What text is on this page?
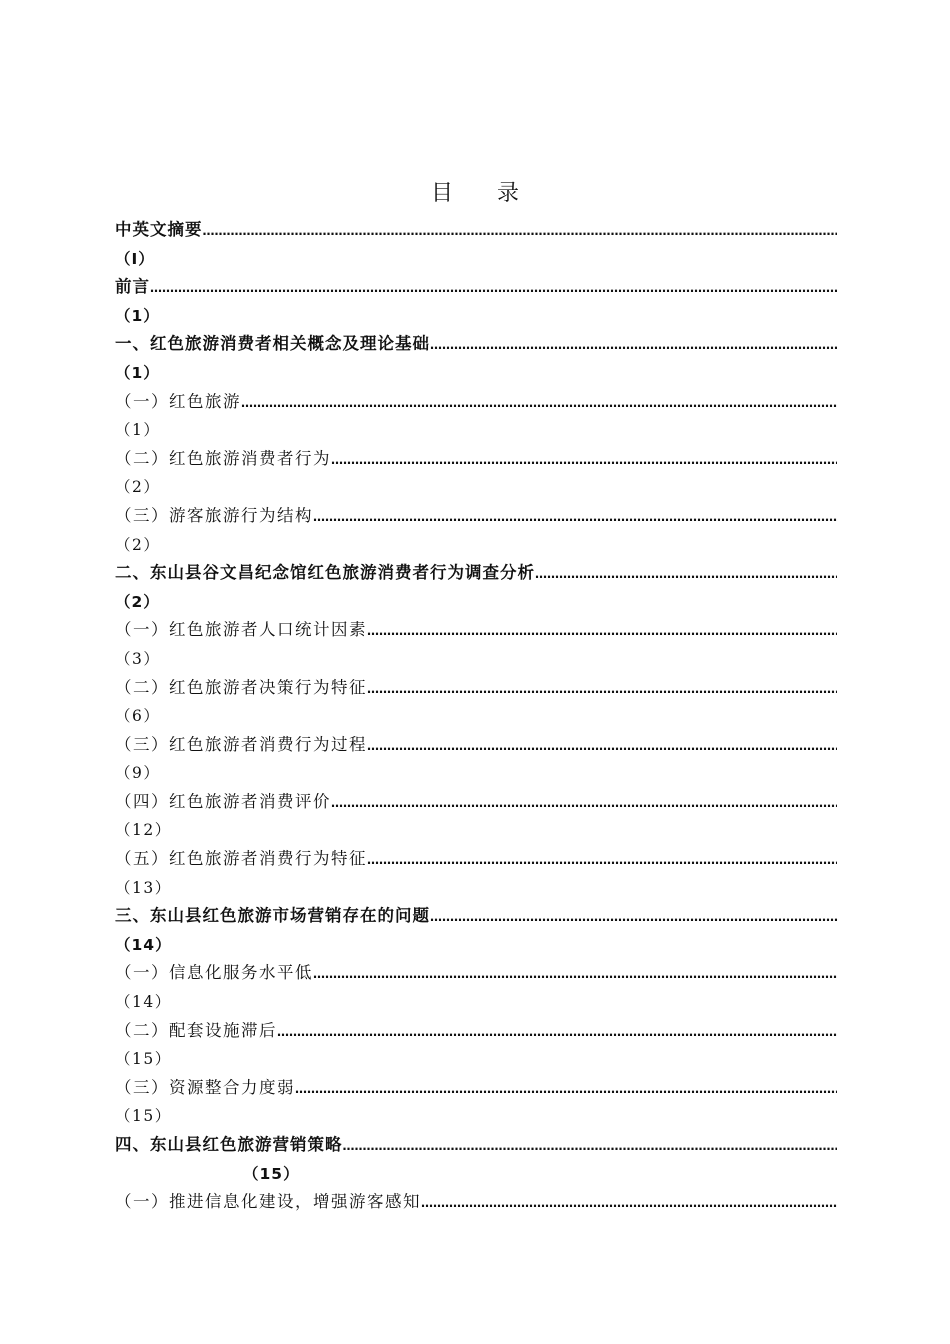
目　　录
中英文摘要
……………………………………………………………………………………………………………………………………………………………………
（I）
前言
……………………………………………………………………………………………………………………………………………………………………
（1）
一、红色旅游消费者相关概念及理论基础
……………………………………………………………………………………………………………………………………………………………………
（1）
（一）红色旅游
……………………………………………………………………………………………………………………………………………………………………
（1）
（二）红色旅游消费者行为
……………………………………………………………………………………………………………………………………………………………………
（2）
（三）游客旅游行为结构
……………………………………………………………………………………………………………………………………………………………………
（2）
二、东山县谷文昌纪念馆红色旅游消费者行为调查分析
……………………………………………………………………………………………………………………………………………………………………
（2）
（一）红色旅游者人口统计因素
……………………………………………………………………………………………………………………………………………………………………
（3）
（二）红色旅游者决策行为特征
……………………………………………………………………………………………………………………………………………………………………
（6）
（三）红色旅游者消费行为过程
……………………………………………………………………………………………………………………………………………………………………
（9）
（四）红色旅游者消费评价
……………………………………………………………………………………………………………………………………………………………………
（12）
（五）红色旅游者消费行为特征
……………………………………………………………………………………………………………………………………………………………………
（13）
三、东山县红色旅游市场营销存在的问题
……………………………………………………………………………………………………………………………………………………………………
（14）
（一）信息化服务水平低
……………………………………………………………………………………………………………………………………………………………………
（14）
（二）配套设施滞后
……………………………………………………………………………………………………………………………………………………………………
（15）
（三）资源整合力度弱
……………………………………………………………………………………………………………………………………………………………………
（15）
四、东山县红色旅游营销策略
……………………………………………………………………………………………………………………………………………………………………
（15）
（一）推进信息化建设，增强游客感知
……………………………………………………………………………………………………………………………………………………………………
